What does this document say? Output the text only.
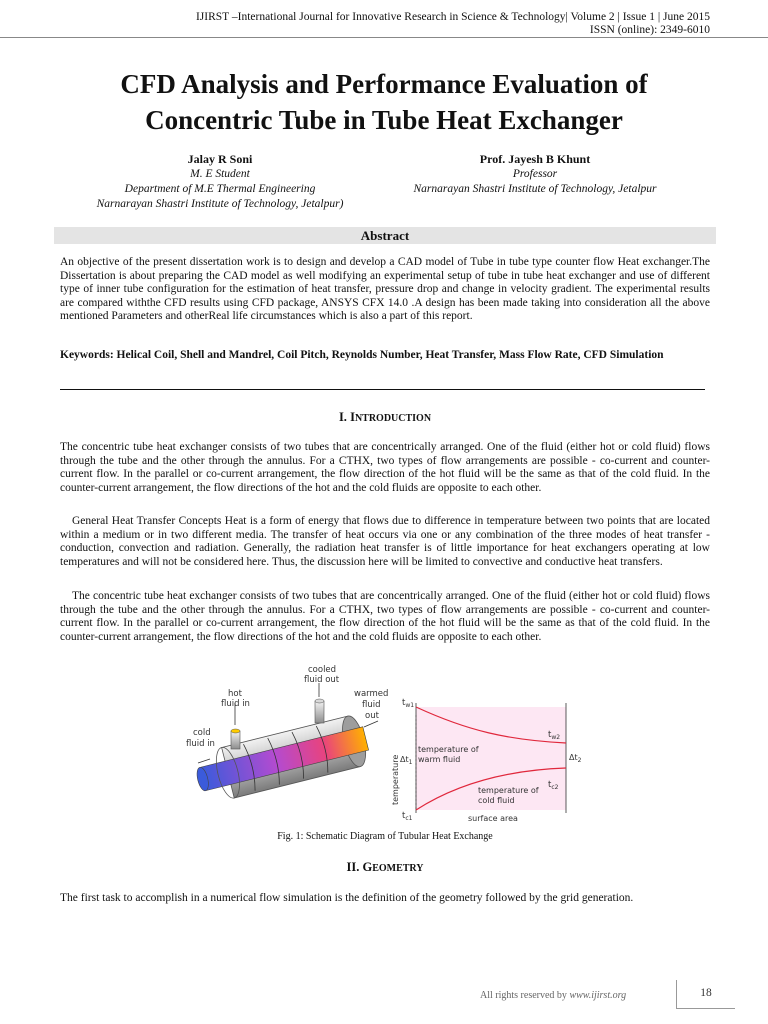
IJIRST –International Journal for Innovative Research in Science & Technology| Volume 2 | Issue 1 | June 2015
ISSN (online): 2349-6010
CFD Analysis and Performance Evaluation of
Concentric Tube in Tube Heat Exchanger
Jalay R Soni
M. E Student
Department of M.E Thermal Engineering
Narnarayan Shastri Institute of Technology, Jetalpur)
Prof. Jayesh B Khunt
Professor
Narnarayan Shastri Institute of Technology, Jetalpur
Abstract
An objective of the present dissertation work is to design and develop a CAD model of Tube in tube type counter flow Heat exchanger.The Dissertation is about preparing the CAD model as well modifying an experimental setup of tube in tube heat exchanger and use of different type of inner tube configuration for the estimation of heat transfer, pressure drop and change in velocity gradient. The experimental results are compared withthe CFD results using CFD package, ANSYS CFX 14.0 .A design has been made taking into consideration all the above mentioned Parameters and otherReal life circumstances which is also a part of this report.
Keywords: Helical Coil, Shell and Mandrel, Coil Pitch, Reynolds Number, Heat Transfer, Mass Flow Rate, CFD Simulation
I. INTRODUCTION
The concentric tube heat exchanger consists of two tubes that are concentrically arranged. One of the fluid (either hot or cold fluid) flows through the tube and the other through the annulus. For a CTHX, two types of flow arrangements are possible - co-current and counter-current flow. In the parallel or co-current arrangement, the flow direction of the hot fluid will be the same as that of the cold fluid. In the counter-current arrangement, the flow directions of the hot and the cold fluids are opposite to each other.
General Heat Transfer Concepts Heat is a form of energy that flows due to difference in temperature between two points that are located within a medium or in two different media. The transfer of heat occurs via one or any combination of the three modes of heat transfer - conduction, convection and radiation. Generally, the radiation heat transfer is of little importance for heat exchangers operating at low temperatures and will not be considered here. Thus, the discussion here will be limited to convective and conductive heat transfers.
The concentric tube heat exchanger consists of two tubes that are concentrically arranged. One of the fluid (either hot or cold fluid) flows through the tube and the other through the annulus. For a CTHX, two types of flow arrangements are possible - co-current and counter-current flow. In the parallel or co-current arrangement, the flow direction of the hot fluid will be the same as that of the cold fluid. In the counter-current arrangement, the flow directions of the hot and the cold fluids are opposite to each other.
cooled
fluid out
hot
fluid in
warmed
fluid
out
cold
fluid in
$t_{w1}$
$t_{w2}$
$t_{c1}$
$t_{c2}$
$\Delta t_1$
$\Delta t_2$
temperature
temperature of
warm fluid
temperature of
cold fluid
surface area
Fig. 1: Schematic Diagram of Tubular Heat Exchange
II. GEOMETRY
The first task to accomplish in a numerical flow simulation is the definition of the geometry followed by the grid generation.
All rights reserved by www.ijirst.org	18
